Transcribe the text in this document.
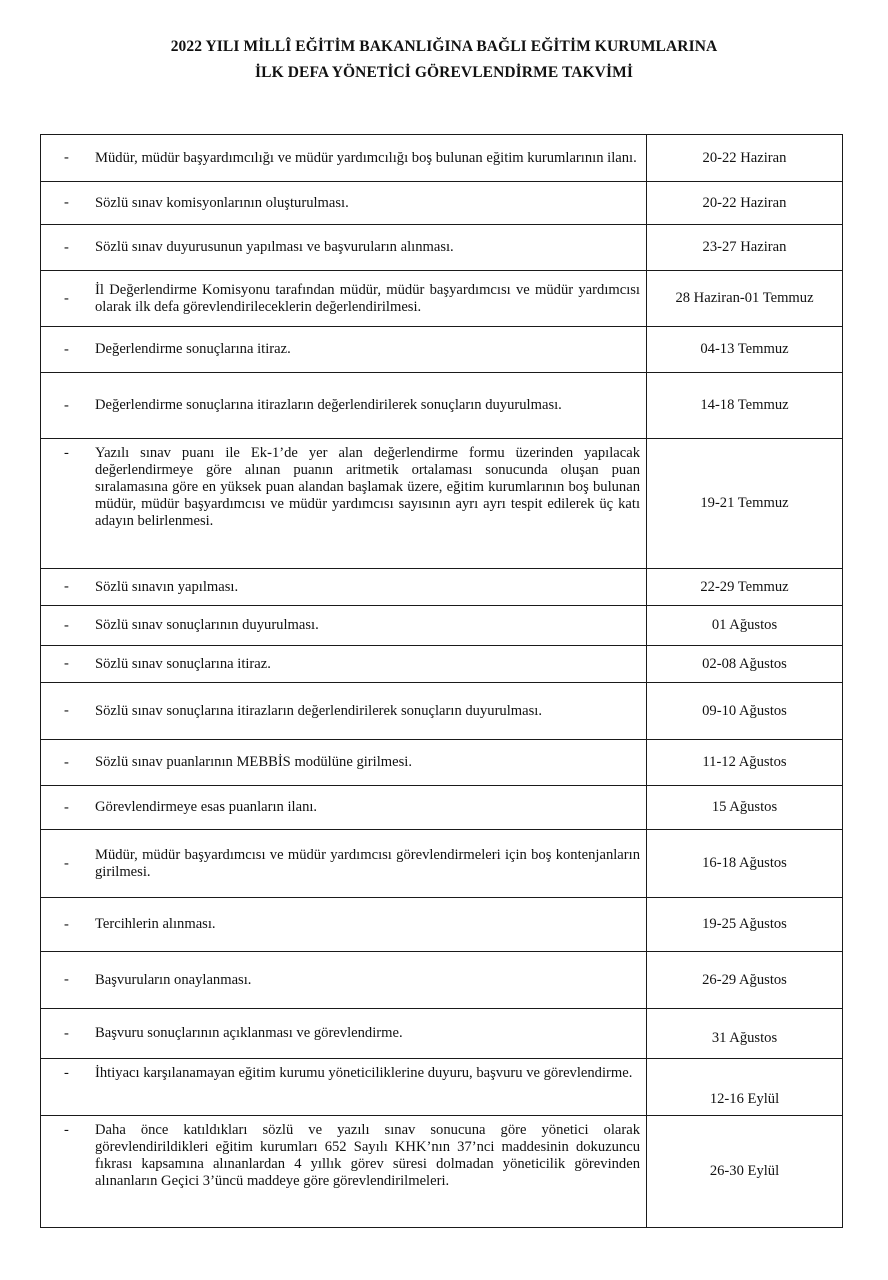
2022 YILI MİLLÎ EĞİTİM BAKANLIĞINA BAĞLI EĞİTİM KURUMLARINA
İLK DEFA YÖNETİCİ GÖREVLENDİRME TAKVİMİ
- Müdür, müdür başyardımcılığı ve müdür yardımcılığı boş bulunan eğitim kurumlarının ilanı.	20-22 Haziran

- Sözlü sınav komisyonlarının oluşturulması.	20-22 Haziran

- Sözlü sınav duyurusunun yapılması ve başvuruların alınması.	23-27 Haziran

-
İl Değerlendirme Komisyonu tarafından müdür, müdür başyardımcısı ve müdür yardımcısı olarak ilk defa görevlendirileceklerin değerlendirilmesi.	28 Haziran-01 Temmuz

- Değerlendirme sonuçlarına itiraz.	04-13 Temmuz

- Değerlendirme sonuçlarına itirazların değerlendirilerek sonuçların duyurulması.	14-18 Temmuz

- Yazılı sınav puanı ile Ek-1’de yer alan değerlendirme formu üzerinden yapılacak değerlendirmeye göre alınan puanın aritmetik ortalaması sonucunda oluşan puan sıralamasına göre en yüksek puan alandan başlamak üzere, eğitim kurumlarının boş bulunan müdür, müdür başyardımcısı ve müdür yardımcısı sayısının ayrı ayrı tespit edilerek üç katı adayın belirlenmesi.	19-21 Temmuz

- Sözlü sınavın yapılması.	22-29 Temmuz

- Sözlü sınav sonuçlarının duyurulması.	01 Ağustos

- Sözlü sınav sonuçlarına itiraz.	02-08 Ağustos

- Sözlü sınav sonuçlarına itirazların değerlendirilerek sonuçların duyurulması.	09-10 Ağustos

- Sözlü sınav puanlarının MEBBİS modülüne girilmesi.	11-12 Ağustos

- Görevlendirmeye esas puanların ilanı.	15 Ağustos

-
Müdür, müdür başyardımcısı ve müdür yardımcısı görevlendirmeleri için boş kontenjanların girilmesi.	16-18 Ağustos

- Tercihlerin alınması.	19-25 Ağustos

- Başvuruların onaylanması.	26-29 Ağustos

- Başvuru sonuçlarının açıklanması ve görevlendirme.	31 Ağustos

- İhtiyacı karşılanamayan eğitim kurumu yöneticiliklerine duyuru, başvuru ve görevlendirme.	12-16 Eylül

- Daha önce katıldıkları sözlü ve yazılı sınav sonucuna göre yönetici olarak görevlendirildikleri eğitim kurumları 652 Sayılı KHK’nın 37’nci maddesinin dokuzuncu fıkrası kapsamına alınanlardan 4 yıllık görev süresi dolmadan yöneticilik görevinden alınanların Geçici 3’üncü maddeye göre görevlendirilmeleri.	26-30 Eylül
